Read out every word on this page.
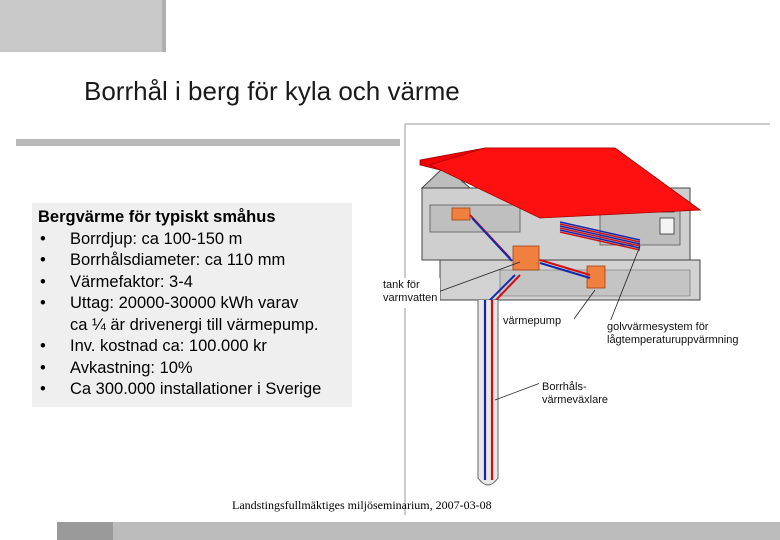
Borrhål i berg för kyla och värme
Bergvärme för typiskt småhus
•	Borrdjup: ca 100-150 m
•	Borrhålsdiameter: ca 110 mm
•	Värmefaktor: 3-4
•	Uttag: 20000-30000 kWh varav
ca ¼ är drivenergi till värmepump.
•	Inv. kostnad ca: 100.000 kr
•	Avkastning: 10%
•	Ca 300.000 installationer i Sverige
tank för
varmvatten
värmepump	golvvärmesystem för
lågtemperaturuppvärmning
Borrhåls-
värmeväxlare
Landstingsfullmäktiges miljöseminarium, 2007-03-08
